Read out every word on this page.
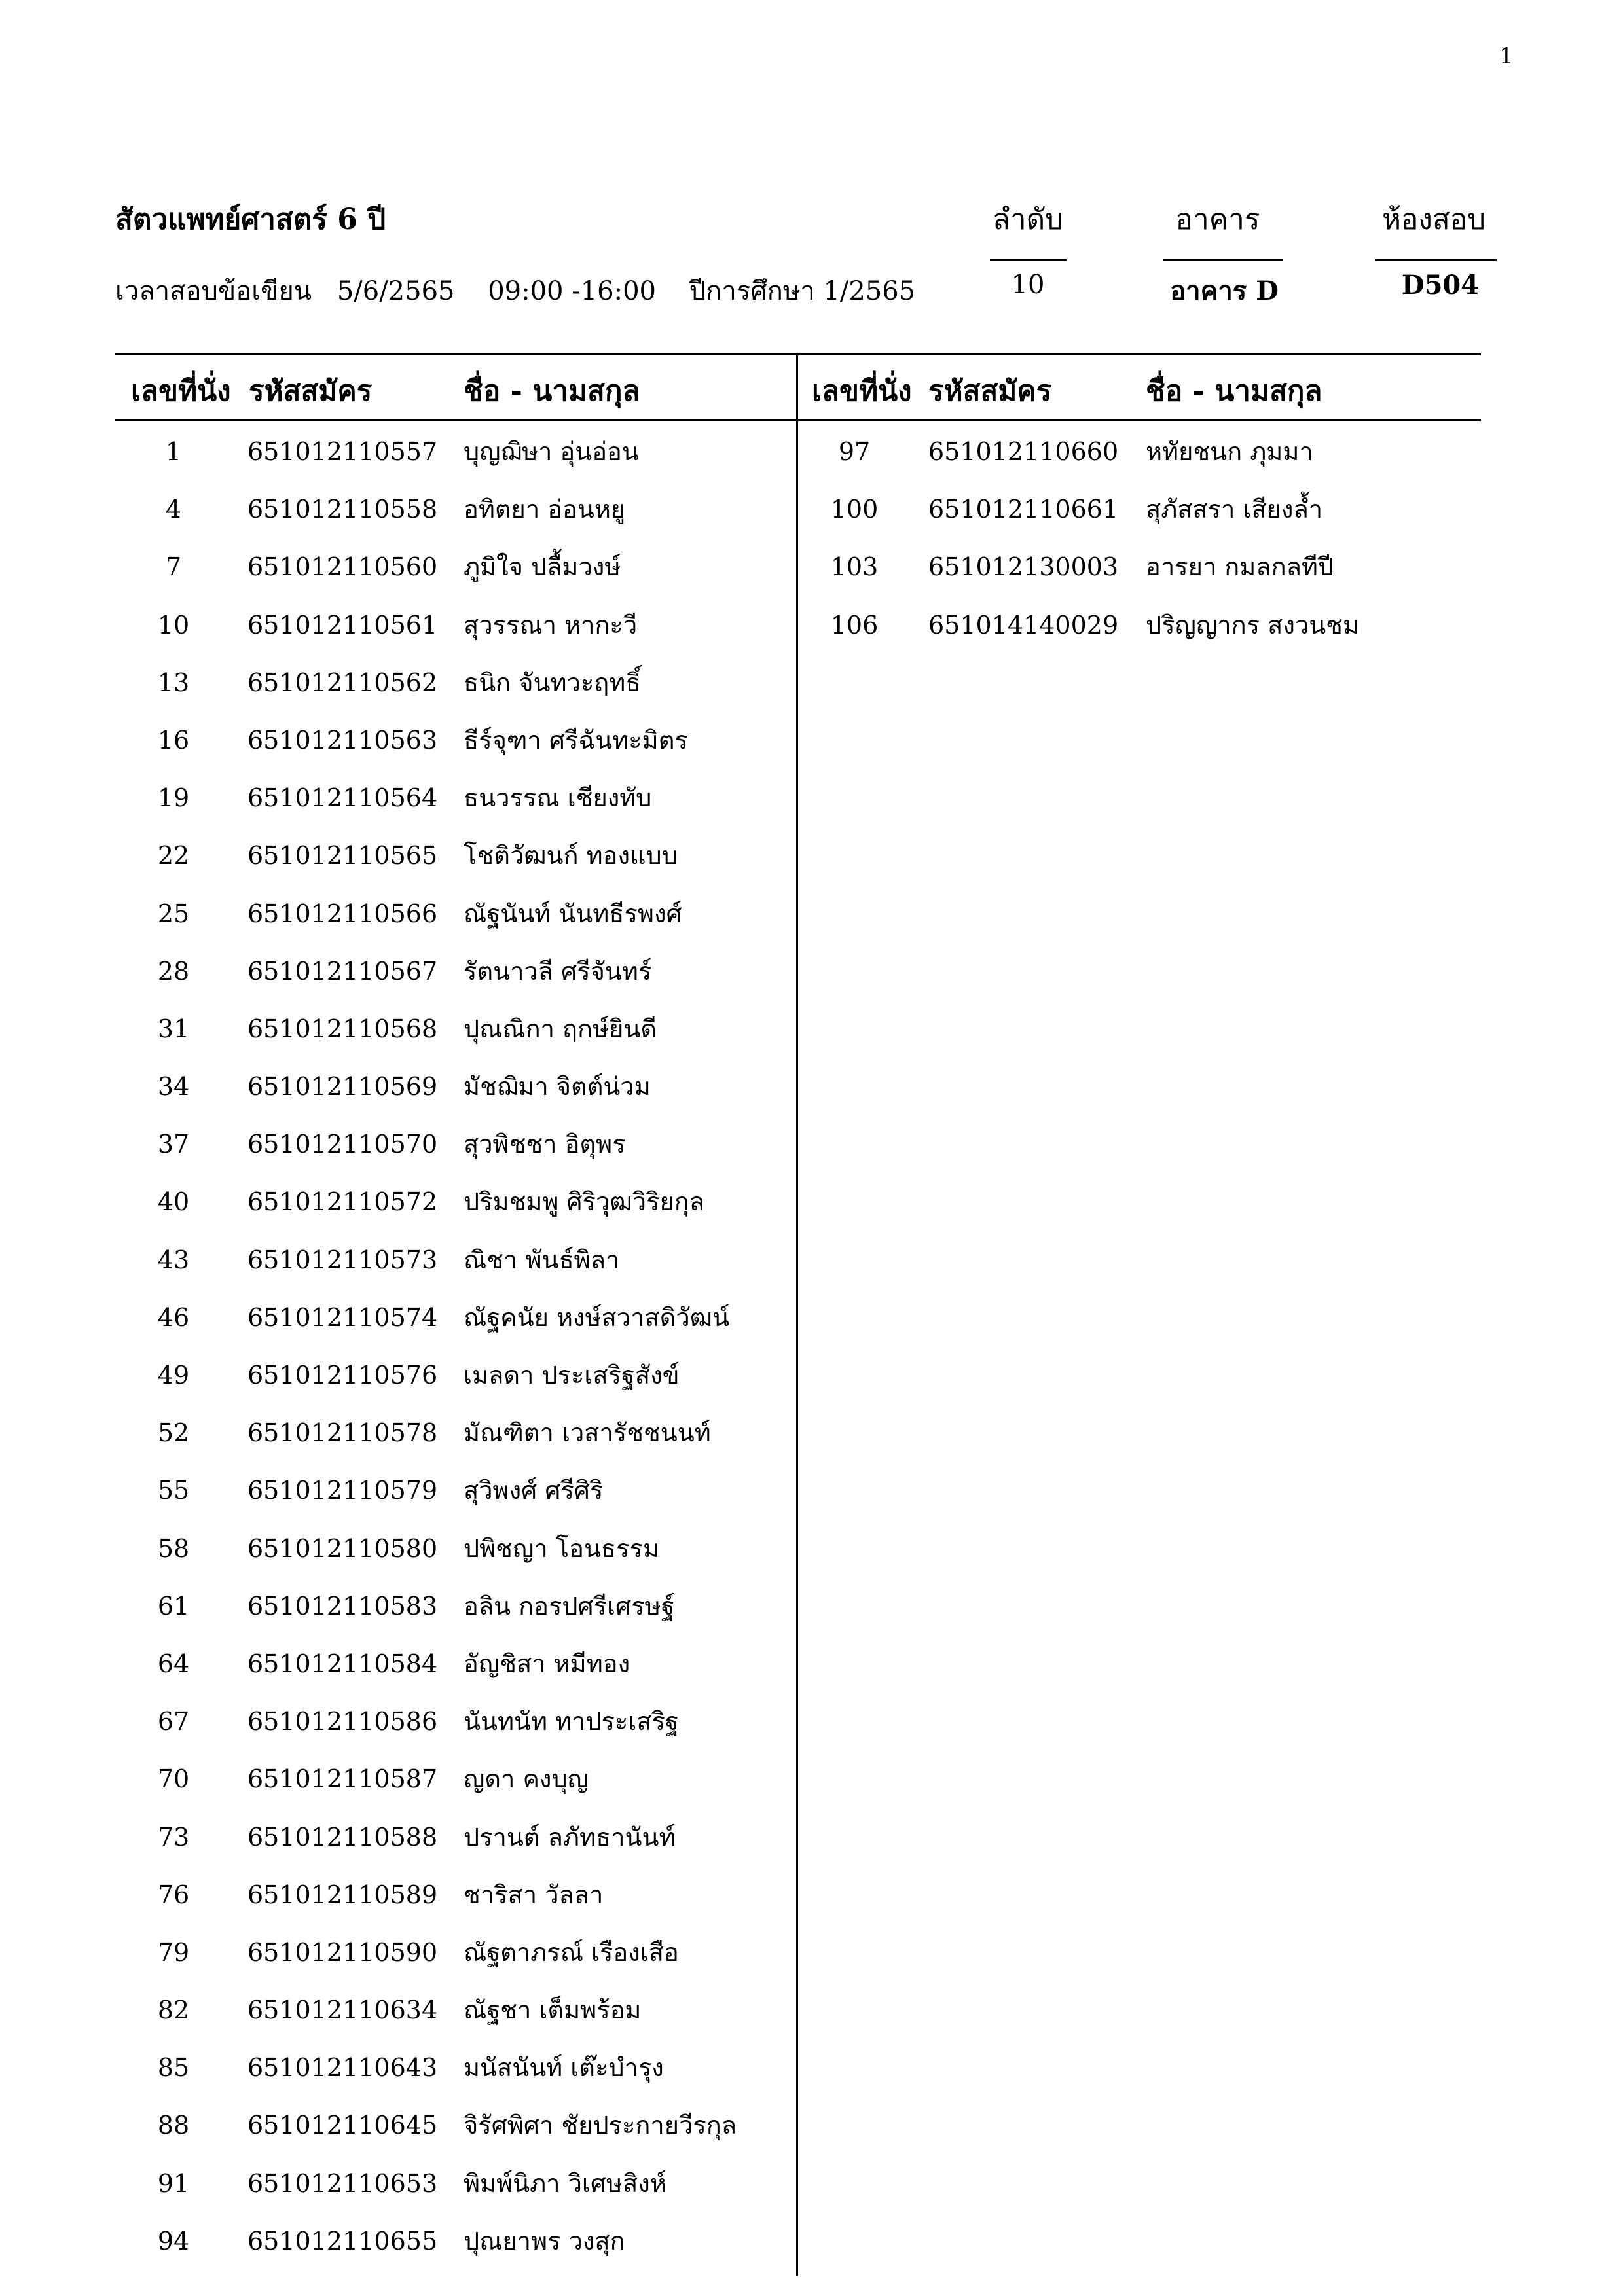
1
สัตวแพทย์ศาสตร์ 6 ปี
เวลาสอบข้อเขียน 5/6/2565 09:00 -16:00 ปีการศึกษา 1/2565
ลำดับ	อาคาร	ห้องสอบ
10	อาคาร D	D504
เลขที่นั่ง รหัสสมัคร	ชื่อ - นามสกุล	เลขที่นั่ง รหัสสมัคร	ชื่อ - นามสกุล
1	651012110557 บุญฌิษา อุ่นอ่อน
4	651012110558 อทิตยา อ่อนหยู
7	651012110560 ภูมิใจ ปลื้มวงษ์
10	651012110561 สุวรรณา หากะวี
13	651012110562 ธนิก จันทวะฤทธิ์
16	651012110563 ธีร์จุฑา ศรีฉันทะมิตร
19	651012110564 ธนวรรณ เชียงทับ
22	651012110565 โชติวัฒนก์ ทองแบบ
25	651012110566 ณัฐนันท์ นันทธีรพงศ์
28	651012110567 รัตนาวลี ศรีจันทร์
31	651012110568 ปุณณิกา ฤกษ์ยินดี
34	651012110569 มัชฌิมา จิตต์น่วม
37	651012110570 สุวพิชชา อิตุพร
40	651012110572 ปริมชมพู ศิริวุฒวิริยกุล
43	651012110573 ณิชา พันธ์พิลา
46	651012110574 ณัฐคนัย หงษ์สวาสดิวัฒน์
49	651012110576 เมลดา ประเสริฐสังข์
52	651012110578 มัณฑิตา เวสารัชชนนท์
55	651012110579 สุวิพงศ์ ศรีศิริ
58	651012110580 ปพิชญา โอนธรรม
61	651012110583 อลิน กอรปศรีเศรษฐ์
64	651012110584 อัญชิสา หมีทอง
67	651012110586 นันทนัท ทาประเสริฐ
70	651012110587 ญดา คงบุญ
73	651012110588 ปรานต์ ลภัทธานันท์
76	651012110589 ชาริสา วัลลา
79	651012110590 ณัฐตาภรณ์ เรืองเสือ
82	651012110634 ณัฐชา เต็มพร้อม
85	651012110643 มนัสนันท์ เต๊ะบำรุง
88	651012110645 จิรัศพิศา ชัยประกายวีรกุล
91	651012110653 พิมพ์นิภา วิเศษสิงห์
94	651012110655 ปุณยาพร วงสุก
97	651012110660 หทัยชนก ภุมมา
100	651012110661 สุภัสสรา เสียงล้ำ
103	651012130003 อารยา กมลกลทีปี
106	651014140029 ปริญญากร สงวนชม
